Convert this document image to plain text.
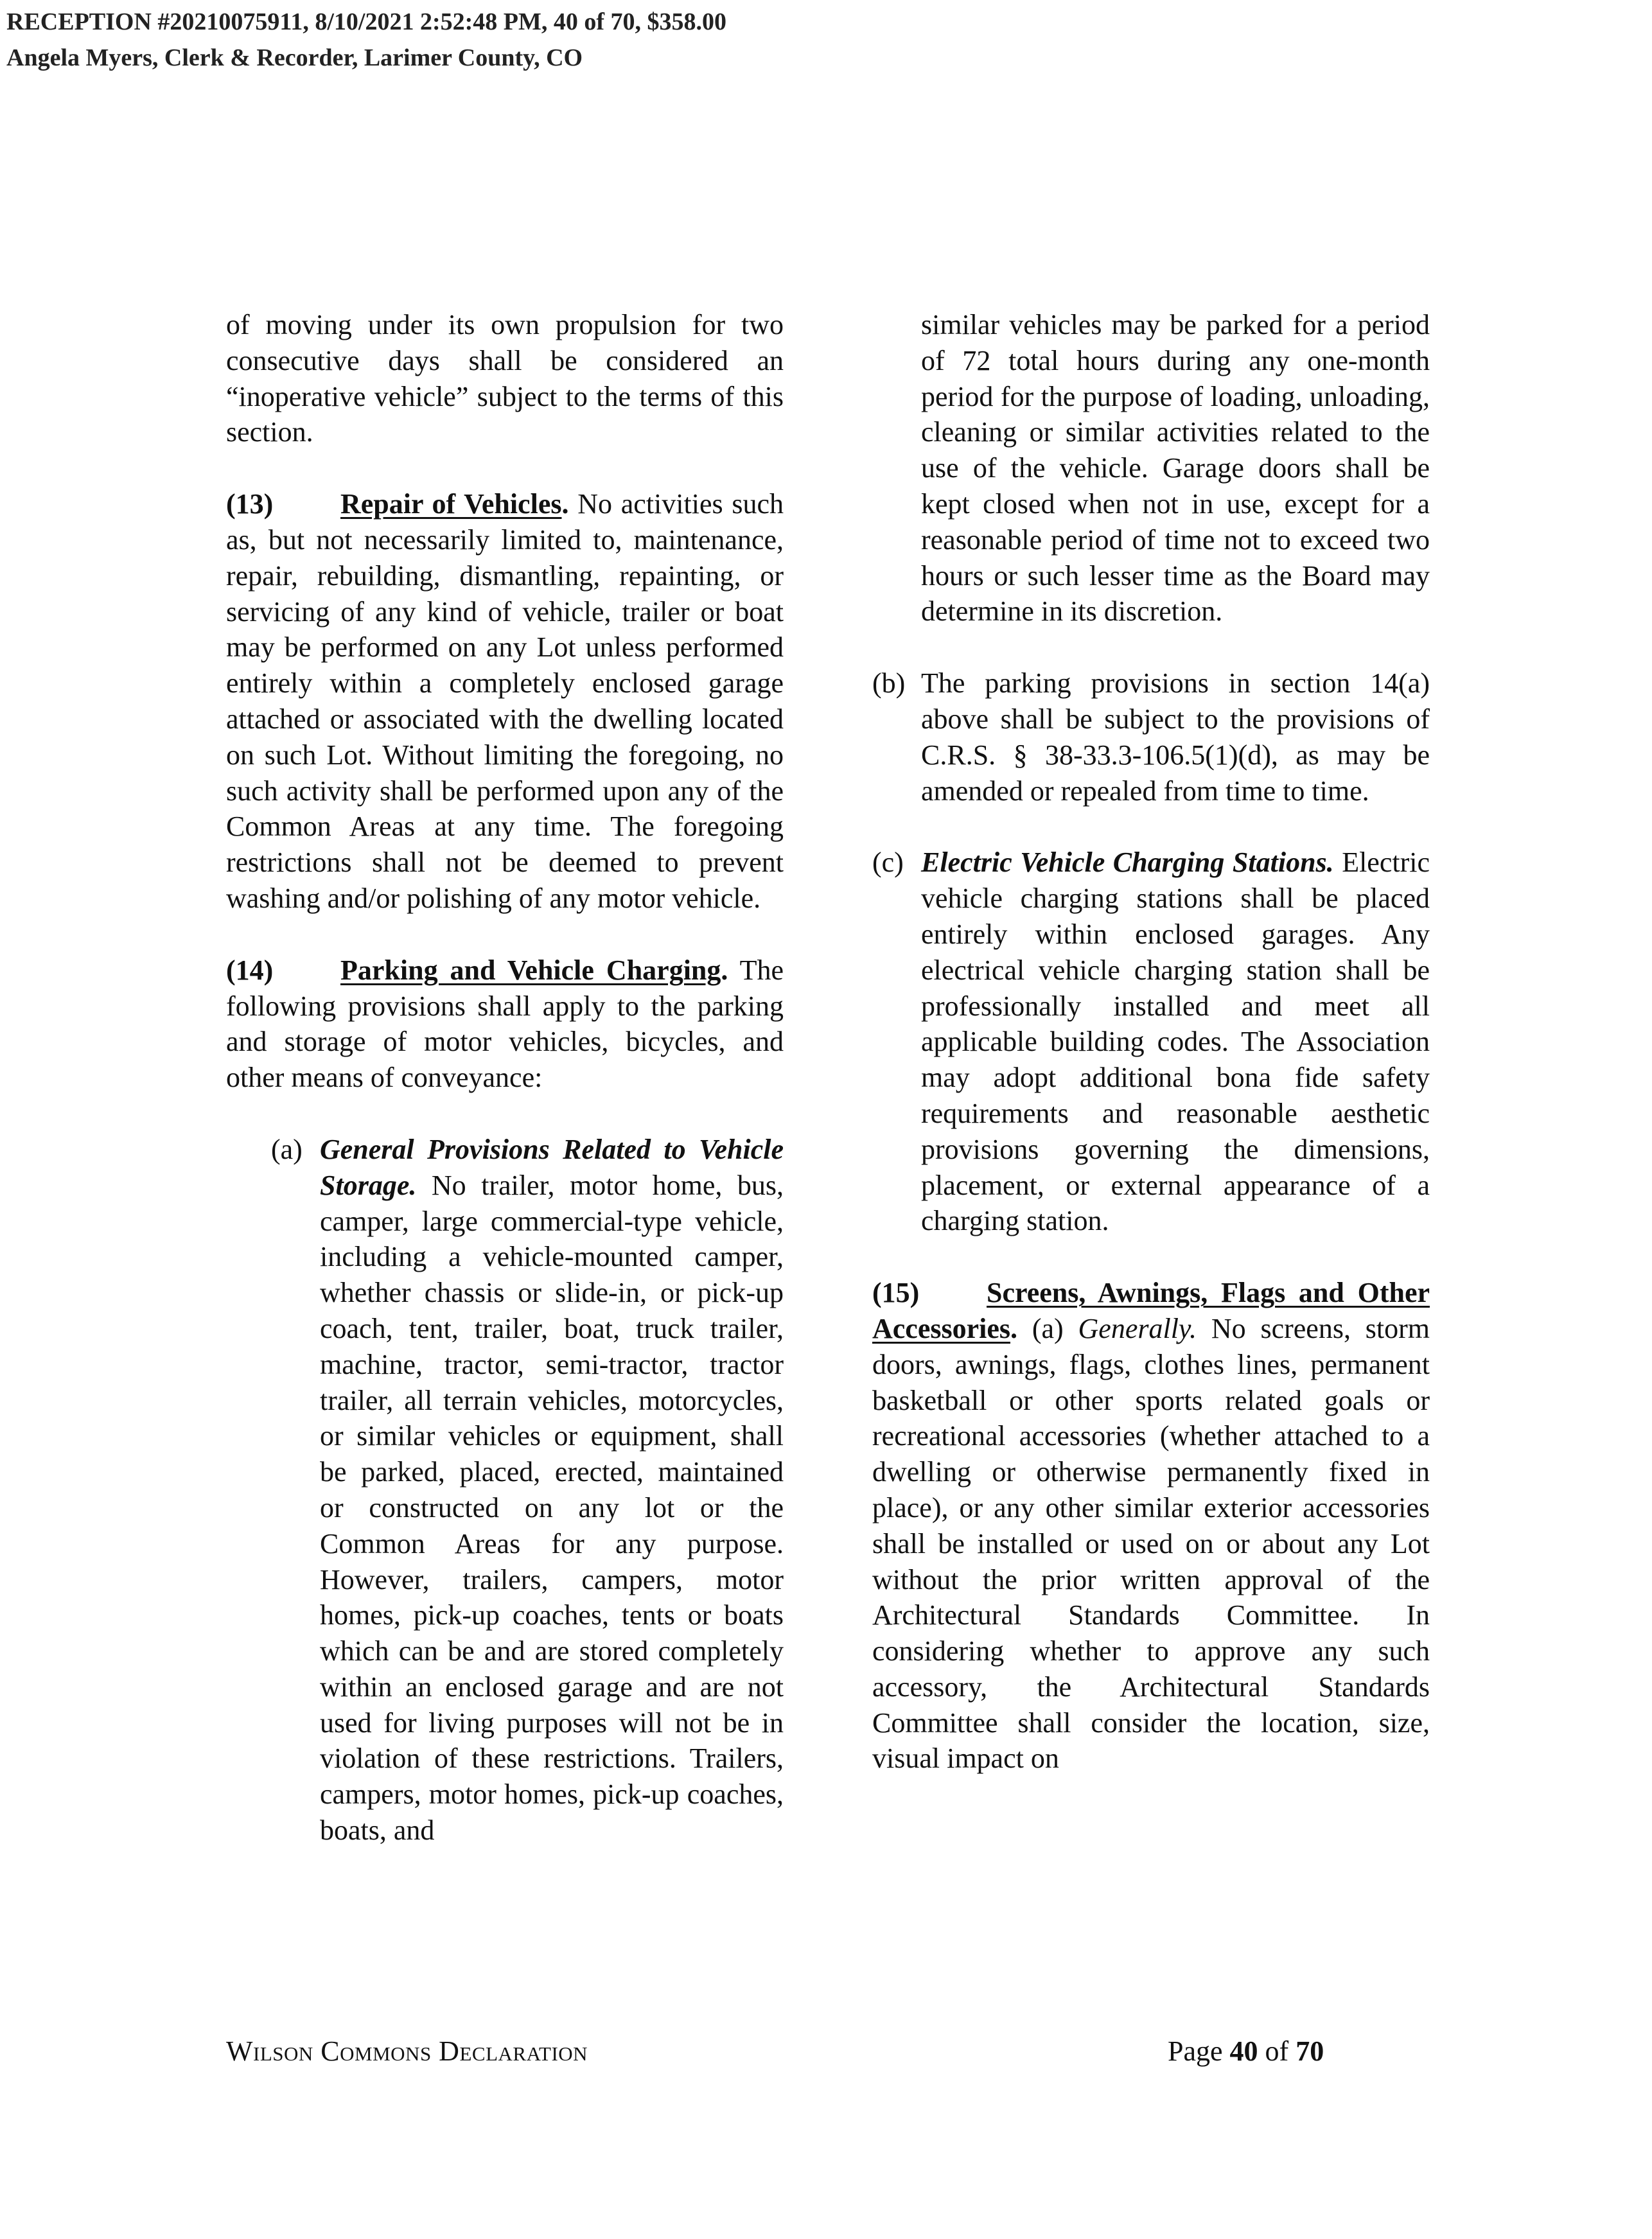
RECEPTION #20210075911, 8/10/2021 2:52:48 PM, 40 of 70, $358.00
Angela Myers, Clerk & Recorder, Larimer County, CO

of moving under its own propulsion for two consecutive days shall be considered an “inoperative vehicle” subject to the terms of this section.

(13) Repair of Vehicles. No activities such as, but not necessarily limited to, maintenance, repair, rebuilding, dismantling, repainting, or servicing of any kind of vehicle, trailer or boat may be performed on any Lot unless performed entirely within a completely enclosed garage attached or associated with the dwelling located on such Lot. Without limiting the foregoing, no such activity shall be performed upon any of the Common Areas at any time. The foregoing restrictions shall not be deemed to prevent washing and/or polishing of any motor vehicle.

(14) Parking and Vehicle Charging. The following provisions shall apply to the parking and storage of motor vehicles, bicycles, and other means of conveyance:

(a) General Provisions Related to Vehicle Storage. No trailer, motor home, bus, camper, large commercial-type vehicle, including a vehicle-mounted camper, whether chassis or slide-in, or pick-up coach, tent, trailer, boat, truck trailer, machine, tractor, semi-tractor, tractor trailer, all terrain vehicles, motorcycles, or similar vehicles or equipment, shall be parked, placed, erected, maintained or constructed on any lot or the Common Areas for any purpose. However, trailers, campers, motor homes, pick-up coaches, tents or boats which can be and are stored completely within an enclosed garage and are not used for living purposes will not be in violation of these restrictions. Trailers, campers, motor homes, pick-up coaches, boats, and

similar vehicles may be parked for a period of 72 total hours during any one-month period for the purpose of loading, unloading, cleaning or similar activities related to the use of the vehicle. Garage doors shall be kept closed when not in use, except for a reasonable period of time not to exceed two hours or such lesser time as the Board may determine in its discretion.

(b) The parking provisions in section 14(a) above shall be subject to the provisions of C.R.S. § 38-33.3-106.5(1)(d), as may be amended or repealed from time to time.

(c) Electric Vehicle Charging Stations. Electric vehicle charging stations shall be placed entirely within enclosed garages. Any electrical vehicle charging station shall be professionally installed and meet all applicable building codes. The Association may adopt additional bona fide safety requirements and reasonable aesthetic provisions governing the dimensions, placement, or external appearance of a charging station.

(15) Screens, Awnings, Flags and Other Accessories. (a) Generally. No screens, storm doors, awnings, flags, clothes lines, permanent basketball or other sports related goals or recreational accessories (whether attached to a dwelling or otherwise permanently fixed in place), or any other similar exterior accessories shall be installed or used on or about any Lot without the prior written approval of the Architectural Standards Committee. In considering whether to approve any such accessory, the Architectural Standards Committee shall consider the location, size, visual impact on

Wilson Commons Declaration	Page 40 of 70
